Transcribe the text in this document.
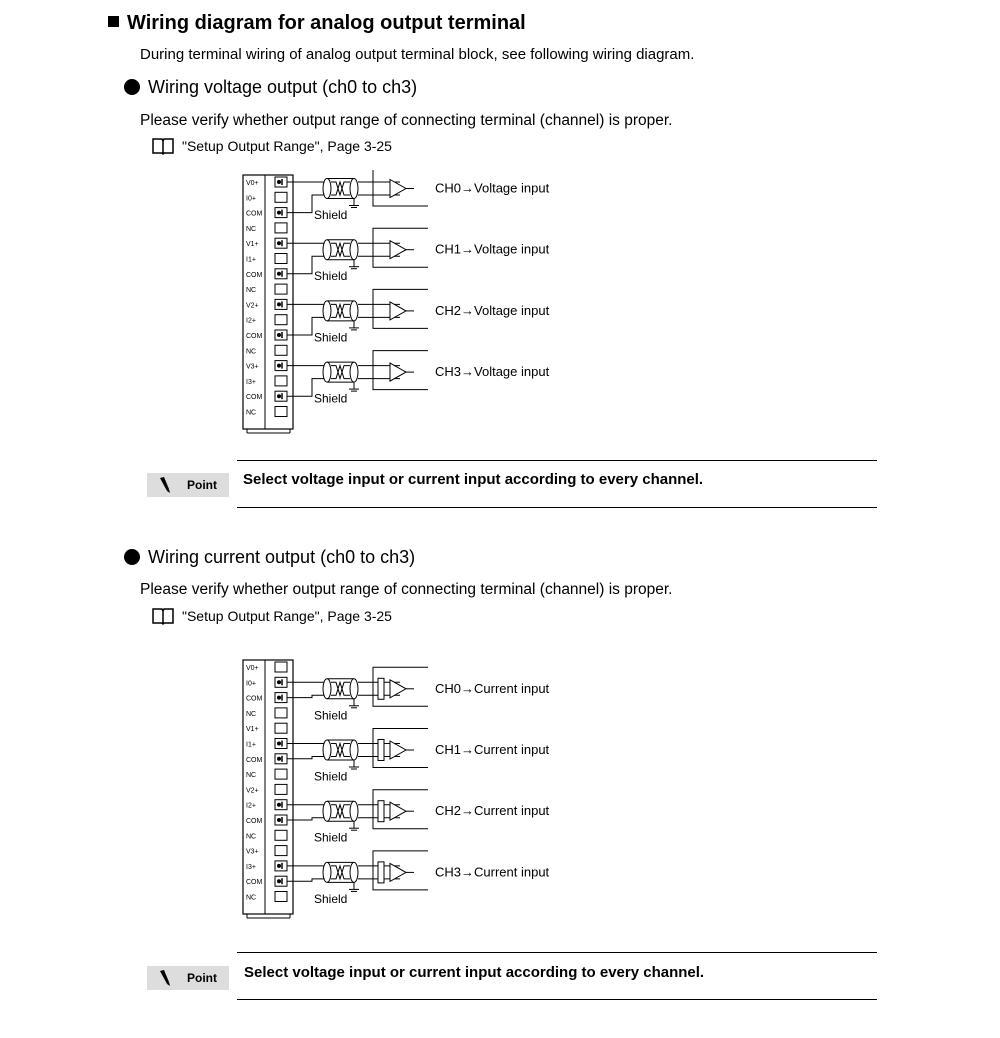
Wiring diagram for analog output terminal
During terminal wiring of analog output terminal block, see following wiring diagram.
Wiring voltage output (ch0 to ch3)
Please verify whether output range of connecting terminal (channel) is proper.
"Setup Output Range", Page 3-25
V0+
I0+
COM
NC
V1+
I1+
COM
NC
V2+
I2+
COM
NC
V3+
I3+
COM
NC
Shield
CH0→Voltage input
Shield
CH1→Voltage input
Shield
CH2→Voltage input
Shield
CH3→Voltage input
Point Select voltage input or current input according to every channel.
Wiring current output (ch0 to ch3)
Please verify whether output range of connecting terminal (channel) is proper.
"Setup Output Range", Page 3-25
V0+
I0+
COM
NC
V1+
I1+
COM
NC
V2+
I2+
COM
NC
V3+
I3+
COM
NC
Shield
CH0→Current input
Shield
CH1→Current input
Shield
CH2→Current input
Shield
CH3→Current input
Point Select voltage input or current input according to every channel.
